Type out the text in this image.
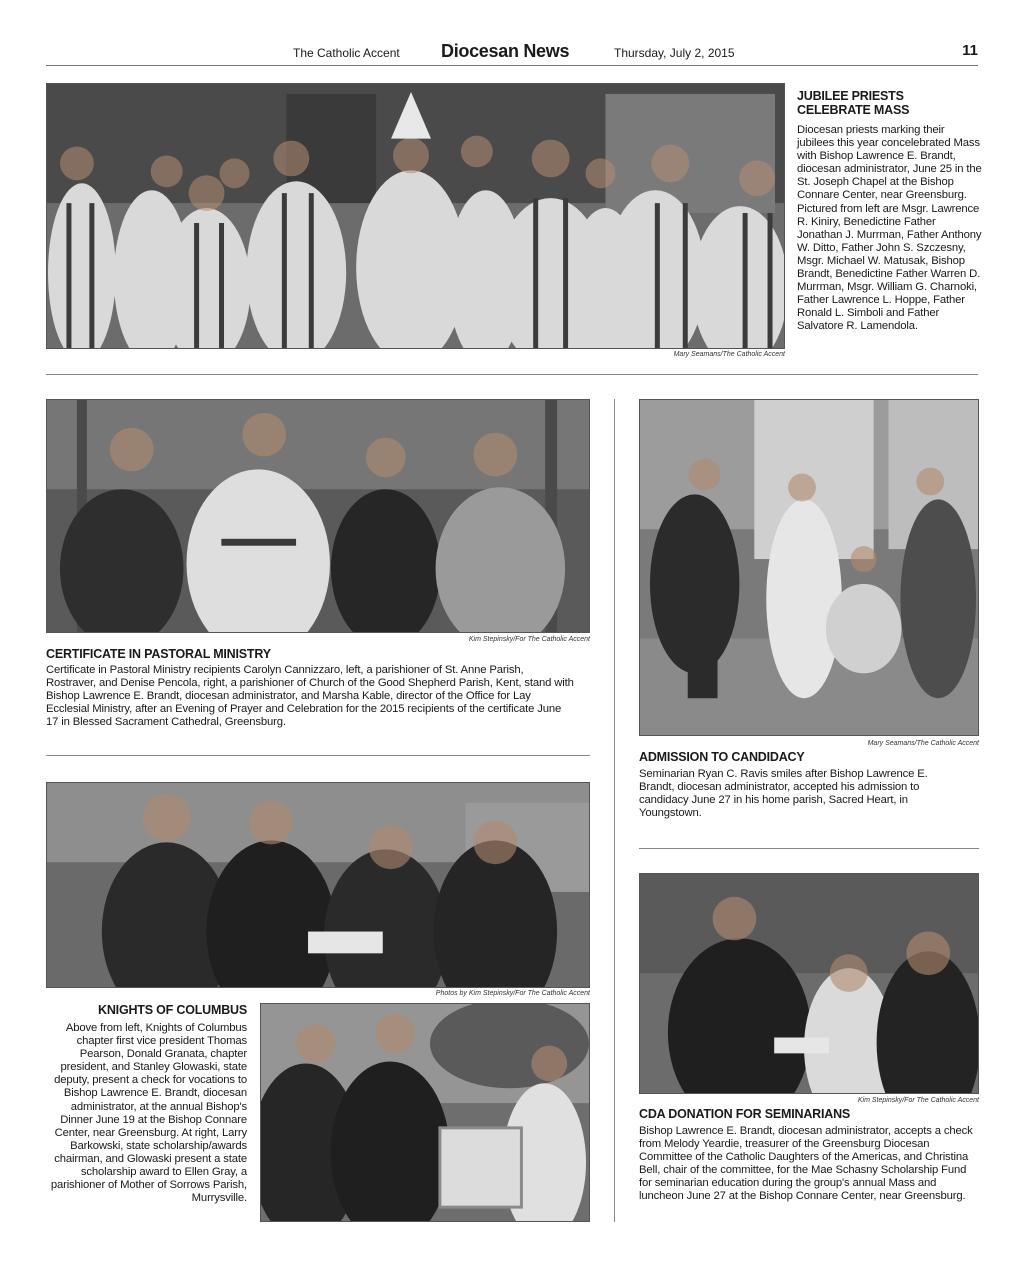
The Catholic Accent Diocesan News	Thursday, July 2, 2015	11
Mary Seamans/The Catholic Accent
JUBILEE PRIESTS
CELEBRATE MASS
Diocesan priests marking their jubilees this year concelebrated Mass with Bishop Lawrence E. Brandt, diocesan administrator, June 25 in the St. Joseph Chapel at the Bishop Connare Center, near Greensburg. Pictured from left are Msgr. Lawrence R. Kiniry, Benedictine Father Jonathan J. Murrman, Father Anthony W. Ditto, Father John S. Szczesny, Msgr. Michael W. Matusak, Bishop Brandt, Benedictine Father Warren D. Murrman, Msgr. William G. Charnoki, Father Lawrence L. Hoppe, Father Ronald L. Simboli and Father Salvatore R. Lamendola.
Kim Stepinsky/For The Catholic Accent
CERTIFICATE IN PASTORAL MINISTRY
Certificate in Pastoral Ministry recipients Carolyn Cannizzaro, left, a parishioner of St. Anne Parish, Rostraver, and Denise Pencola, right, a parishioner of Church of the Good Shepherd Parish, Kent, stand with Bishop Lawrence E. Brandt, diocesan administrator, and Marsha Kable, director of the Office for Lay Ecclesial Ministry, after an Evening of Prayer and Celebration for the 2015 recipients of the certificate June 17 in Blessed Sacrament Cathedral, Greensburg.
Mary Seamans/The Catholic Accent
ADMISSION TO CANDIDACY
Seminarian Ryan C. Ravis smiles after Bishop Lawrence E. Brandt, diocesan administrator, accepted his admission to candidacy June 27 in his home parish, Sacred Heart, in Youngstown.
Photos by Kim Stepinsky/For The Catholic Accent
KNIGHTS OF COLUMBUS
Above from left, Knights of Columbus chapter first vice president Thomas Pearson, Donald Granata, chapter president, and Stanley Glowaski, state deputy, present a check for vocations to Bishop Lawrence E. Brandt, diocesan administrator, at the annual Bishop's Dinner June 19 at the Bishop Connare Center, near Greensburg. At right, Larry Barkowski, state scholarship/awards chairman, and Glowaski present a state scholarship award to Ellen Gray, a parishioner of Mother of Sorrows Parish, Murrysville.
Kim Stepinsky/For The Catholic Accent
CDA DONATION FOR SEMINARIANS
Bishop Lawrence E. Brandt, diocesan administrator, accepts a check from Melody Yeardie, treasurer of the Greensburg Diocesan Committee of the Catholic Daughters of the Americas, and Christina Bell, chair of the committee, for the Mae Schasny Scholarship Fund for seminarian education during the group's annual Mass and luncheon June 27 at the Bishop Connare Center, near Greensburg.
